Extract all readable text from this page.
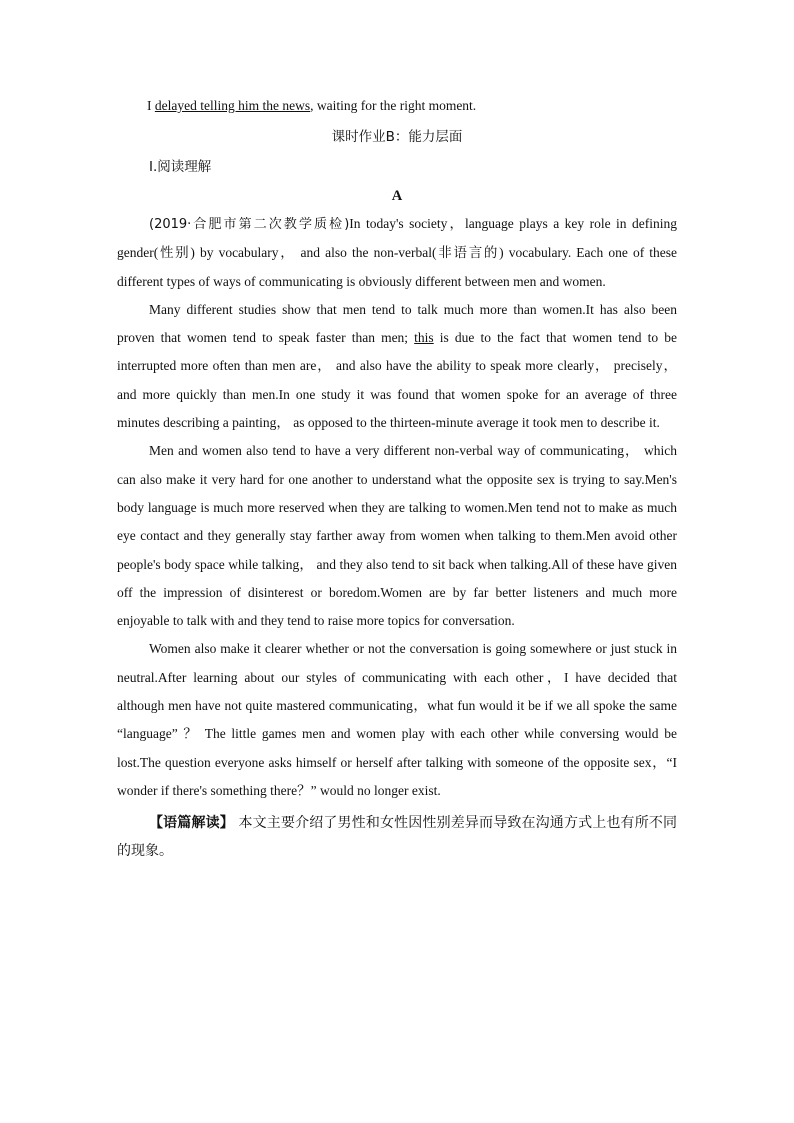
I delayed telling him the news, waiting for the right moment.
课时作业B：能力层面
Ⅰ.阅读理解
A

(2019·合肥市第二次教学质检)In today's society，language plays a key role in defining gender(性别) by vocabulary， and also the non-verbal(非语言的) vocabulary. Each one of these different types of ways of communicating is obviously different between men and women.

Many different studies show that men tend to talk much more than women.It has also been proven that women tend to speak faster than men; this is due to the fact that women tend to be interrupted more often than men are， and also have the ability to speak more clearly， precisely， and more quickly than men.In one study it was found that women spoke for an average of three minutes describing a painting， as opposed to the thirteen-minute average it took men to describe it.

Men and women also tend to have a very different non-verbal way of communicating， which can also make it very hard for one another to understand what the opposite sex is trying to say.Men's body language is much more reserved when they are talking to women.Men tend not to make as much eye contact and they generally stay farther away from women when talking to them.Men avoid other people's body space while talking， and they also tend to sit back when talking.All of these have given off the impression of disinterest or boredom.Women are by far better listeners and much more enjoyable to talk with and they tend to raise more topics for conversation.

Women also make it clearer whether or not the conversation is going somewhere or just stuck in neutral.After learning about our styles of communicating with each other，I have decided that although men have not quite mastered communicating，what fun would it be if we all spoke the same “language” ？ The little games men and women play with each other while conversing would be lost.The question everyone asks himself or herself after talking with someone of the opposite sex，“I wonder if there's something there？” would no longer exist.

【语篇解读】 本文主要介绍了男性和女性因性别差异而导致在沟通方式上也有所不同的现象。
